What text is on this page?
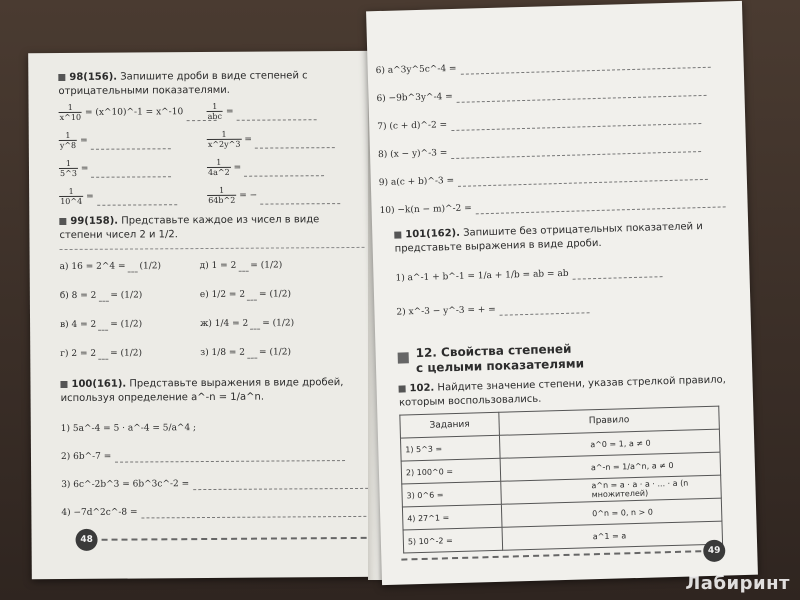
98(156). Запишите дроби в виде степеней с отрицательными показателями.
$\frac{1}{x\^{}10}$ = (x^10)^-1 = x^-10	$\frac{1}{\text{abc}}$ =
$\frac{1}{y\^{}8}$ =	$\frac{1}{x\^{}2y\^{}3}$ =
$\frac{1}{5\^{}3}$ =	$\frac{1}{4a\^{}2}$ =
$\frac{1}{10\^{}4}$ =	$\frac{1}{64b\^{}2}$ = −
99(158). Представьте каждое из чисел в виде степени чисел 2 и 1/2.
а) 16 = 2^4 = (1/2)	д) 1 = 2 = (1/2)
б) 8 = 2 = (1/2)	е) 1/2 = 2 = (1/2)
в) 4 = 2 = (1/2)	ж) 1/4 = 2 = (1/2)
г) 2 = 2 = (1/2)	з) 1/8 = 2 = (1/2)
100(161). Представьте выражения в виде дробей, используя определение a^-n = 1/a^n.
1) 5a^-4 = 5 · a^-4 = 5/a^4 ;
2) 6b^-7 =
3) 6c^-2b^3 = 6b^3c^-2 =
4) −7d^2c^-8 =
48
6) a^3y^5c^-4 =
6) −9b^3y^-4 =
7) (c + d)^-2 =
8) (x − y)^-3 =
9) a(c + b)^-3 =
10) −k(n − m)^-2 =
101(162). Запишите без отрицательных показателей и представьте выражения в виде дроби.
1) a^-1 + b^-1 = 1/a + 1/b = ab = ab
2) x^-3 − y^-3 = + =
12. Свойства степеней
с целыми показателями
102. Найдите значение степени, указав стрелкой правило, которым воспользовались.
Задания	Правило
1) 5^3 =	a^0 = 1, a ≠ 0
2) 100^0 =	a^-n = 1/a^n, a ≠ 0
3) 0^6 =	a^n = a · a · a · ... · a (n множителей)
4) 27^1 =	0^n = 0, n > 0
5) 10^-2 =	a^1 = a
49
Лабиринт
